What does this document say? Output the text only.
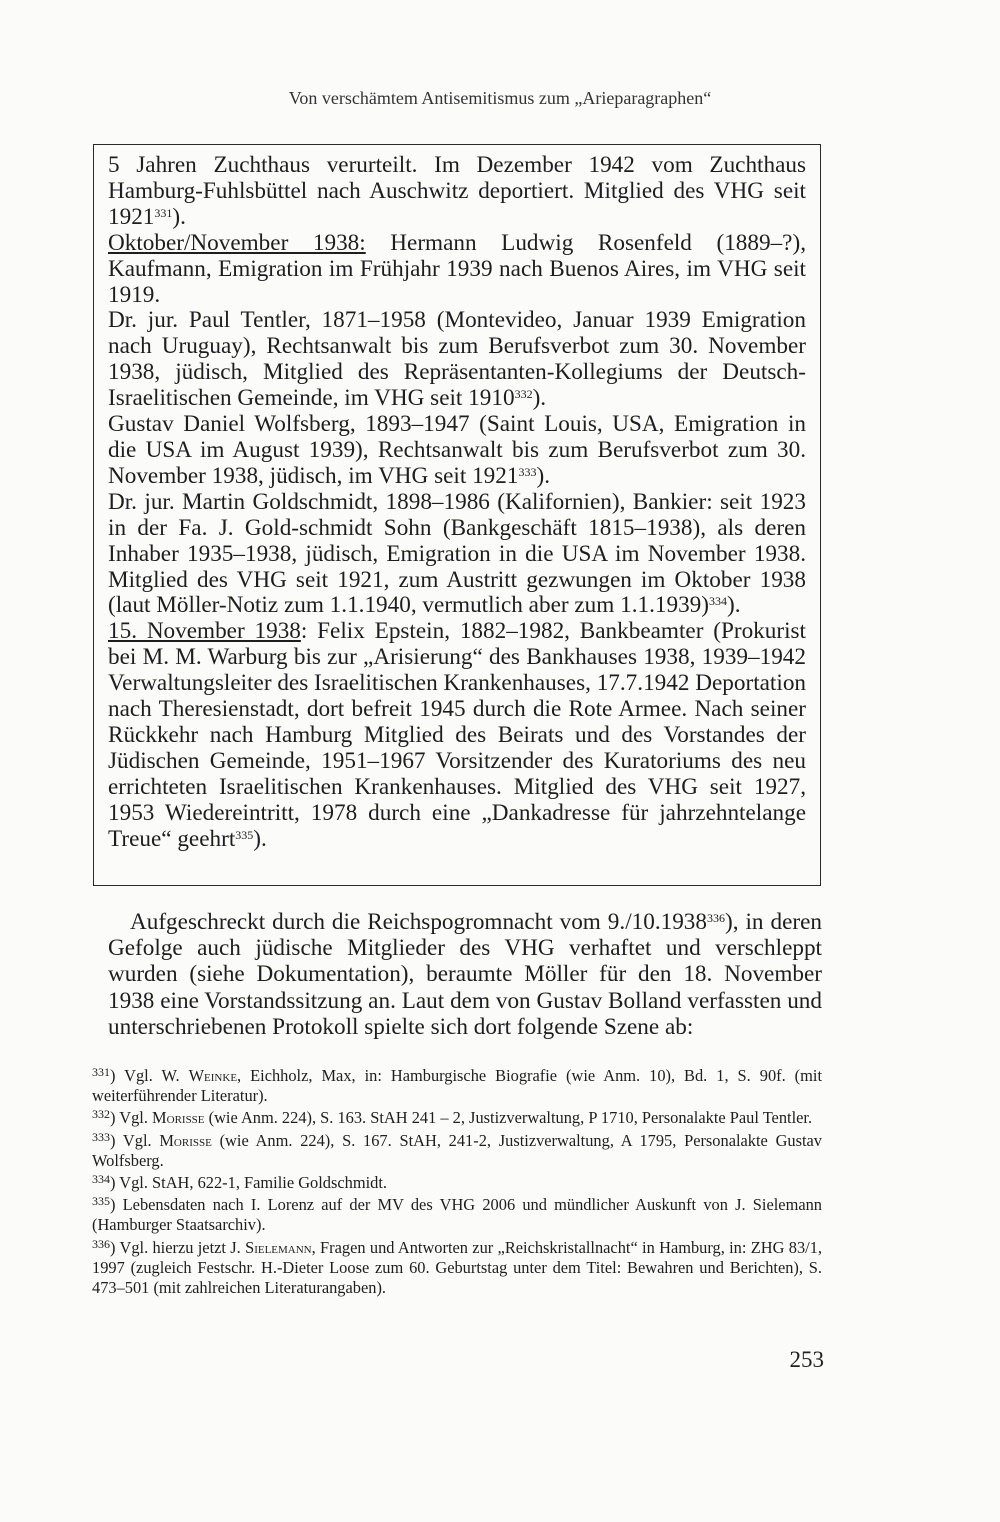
Von verschämtem Antisemitismus zum „Arieparagraphen“

5 Jahren Zuchthaus verurteilt. Im Dezember 1942 vom Zuchthaus Hamburg-Fuhlsbüttel nach Auschwitz deportiert. Mitglied des VHG seit 1921$^{331}$).

Oktober/November 1938: Hermann Ludwig Rosenfeld (1889–?), Kaufmann, Emigration im Frühjahr 1939 nach Buenos Aires, im VHG seit 1919.

Dr. jur. Paul Tentler, 1871–1958 (Montevideo, Januar 1939 Emigration nach Uruguay), Rechtsanwalt bis zum Berufsverbot zum 30. November 1938, jüdisch, Mitglied des Repräsentanten-Kollegiums der Deutsch-Israelitischen Gemeinde, im VHG seit 1910$^{332}$).

Gustav Daniel Wolfsberg, 1893–1947 (Saint Louis, USA, Emigration in die USA im August 1939), Rechtsanwalt bis zum Berufsverbot zum 30. November 1938, jüdisch, im VHG seit 1921$^{333}$).

Dr. jur. Martin Goldschmidt, 1898–1986 (Kalifornien), Bankier: seit 1923 in der Fa. J. Gold-schmidt Sohn (Bankgeschäft 1815–1938), als deren Inhaber 1935–1938, jüdisch, Emigration in die USA im November 1938. Mitglied des VHG seit 1921, zum Austritt gezwungen im Oktober 1938 (laut Möller-Notiz zum 1.1.1940, vermutlich aber zum 1.1.1939)$^{334}$).

15. November 1938: Felix Epstein, 1882–1982, Bankbeamter (Prokurist bei M. M. Warburg bis zur „Arisierung“ des Bankhauses 1938, 1939–1942 Verwaltungsleiter des Israelitischen Krankenhauses, 17.7.1942 Deportation nach Theresienstadt, dort befreit 1945 durch die Rote Armee. Nach seiner Rückkehr nach Hamburg Mitglied des Beirats und des Vorstandes der Jüdischen Gemeinde, 1951–1967 Vorsitzender des Kuratoriums des neu errichteten Israelitischen Krankenhauses. Mitglied des VHG seit 1927, 1953 Wiedereintritt, 1978 durch eine „Dankadresse für jahrzehntelange Treue“ geehrt$^{335}$).

Aufgeschreckt durch die Reichspogromnacht vom 9./10.1938$^{336}$), in deren Gefolge auch jüdische Mitglieder des VHG verhaftet und verschleppt wurden (siehe Dokumentation), beraumte Möller für den 18. November 1938 eine Vorstandssitzung an. Laut dem von Gustav Bolland verfassten und unterschriebenen Protokoll spielte sich dort folgende Szene ab:

$^{331}$) Vgl. W. Weinke, Eichholz, Max, in: Hamburgische Biografie (wie Anm. 10), Bd. 1, S. 90f. (mit weiterführender Literatur).

$^{332}$) Vgl. Morisse (wie Anm. 224), S. 163. StAH 241 – 2, Justizverwaltung, P 1710, Personalakte Paul Tentler.

$^{333}$) Vgl. Morisse (wie Anm. 224), S. 167. StAH, 241-2, Justizverwaltung, A 1795, Personalakte Gustav Wolfsberg.

$^{334}$) Vgl. StAH, 622-1, Familie Goldschmidt.

$^{335}$) Lebensdaten nach I. Lorenz auf der MV des VHG 2006 und mündlicher Auskunft von J. Sielemann (Hamburger Staatsarchiv).

$^{336}$) Vgl. hierzu jetzt J. Sielemann, Fragen und Antworten zur „Reichskristallnacht“ in Hamburg, in: ZHG 83/1, 1997 (zugleich Festschr. H.-Dieter Loose zum 60. Geburtstag unter dem Titel: Bewahren und Berichten), S. 473–501 (mit zahlreichen Literaturangaben).

253
